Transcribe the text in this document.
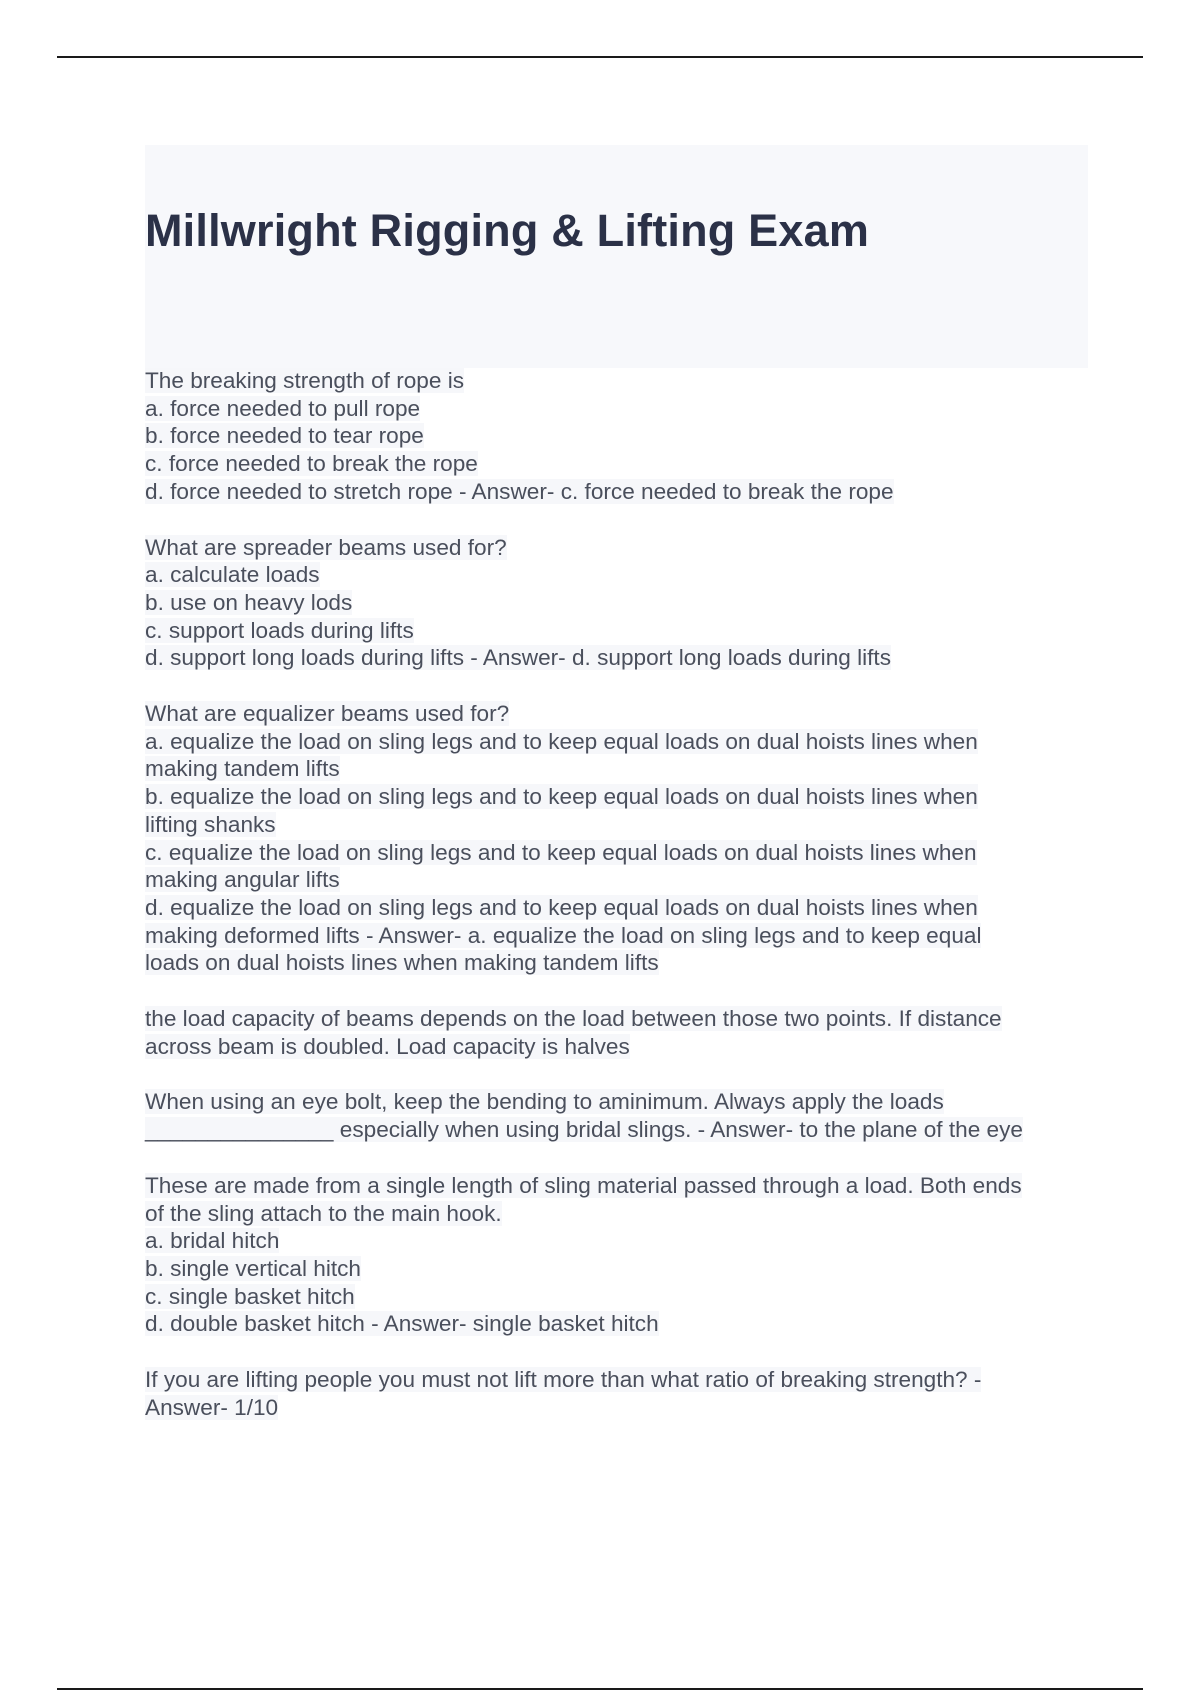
Millwright Rigging & Lifting Exam
The breaking strength of rope is
a. force needed to pull rope
b. force needed to tear rope
c. force needed to break the rope
d. force needed to stretch rope - Answer- c. force needed to break the rope
What are spreader beams used for?
a. calculate loads
b. use on heavy lods
c. support loads during lifts
d. support long loads during lifts - Answer- d. support long loads during lifts
What are equalizer beams used for?
a. equalize the load on sling legs and to keep equal loads on dual hoists lines when
making tandem lifts
b. equalize the load on sling legs and to keep equal loads on dual hoists lines when
lifting shanks
c. equalize the load on sling legs and to keep equal loads on dual hoists lines when
making angular lifts
d. equalize the load on sling legs and to keep equal loads on dual hoists lines when
making deformed lifts - Answer- a. equalize the load on sling legs and to keep equal
loads on dual hoists lines when making tandem lifts
the load capacity of beams depends on the load between those two points. If distance
across beam is doubled. Load capacity is halves
When using an eye bolt, keep the bending to aminimum. Always apply the loads
_______________ especially when using bridal slings. - Answer- to the plane of the eye
These are made from a single length of sling material passed through a load. Both ends
of the sling attach to the main hook.
a. bridal hitch
b. single vertical hitch
c. single basket hitch
d. double basket hitch - Answer- single basket hitch
If you are lifting people you must not lift more than what ratio of breaking strength? -
Answer- 1/10
